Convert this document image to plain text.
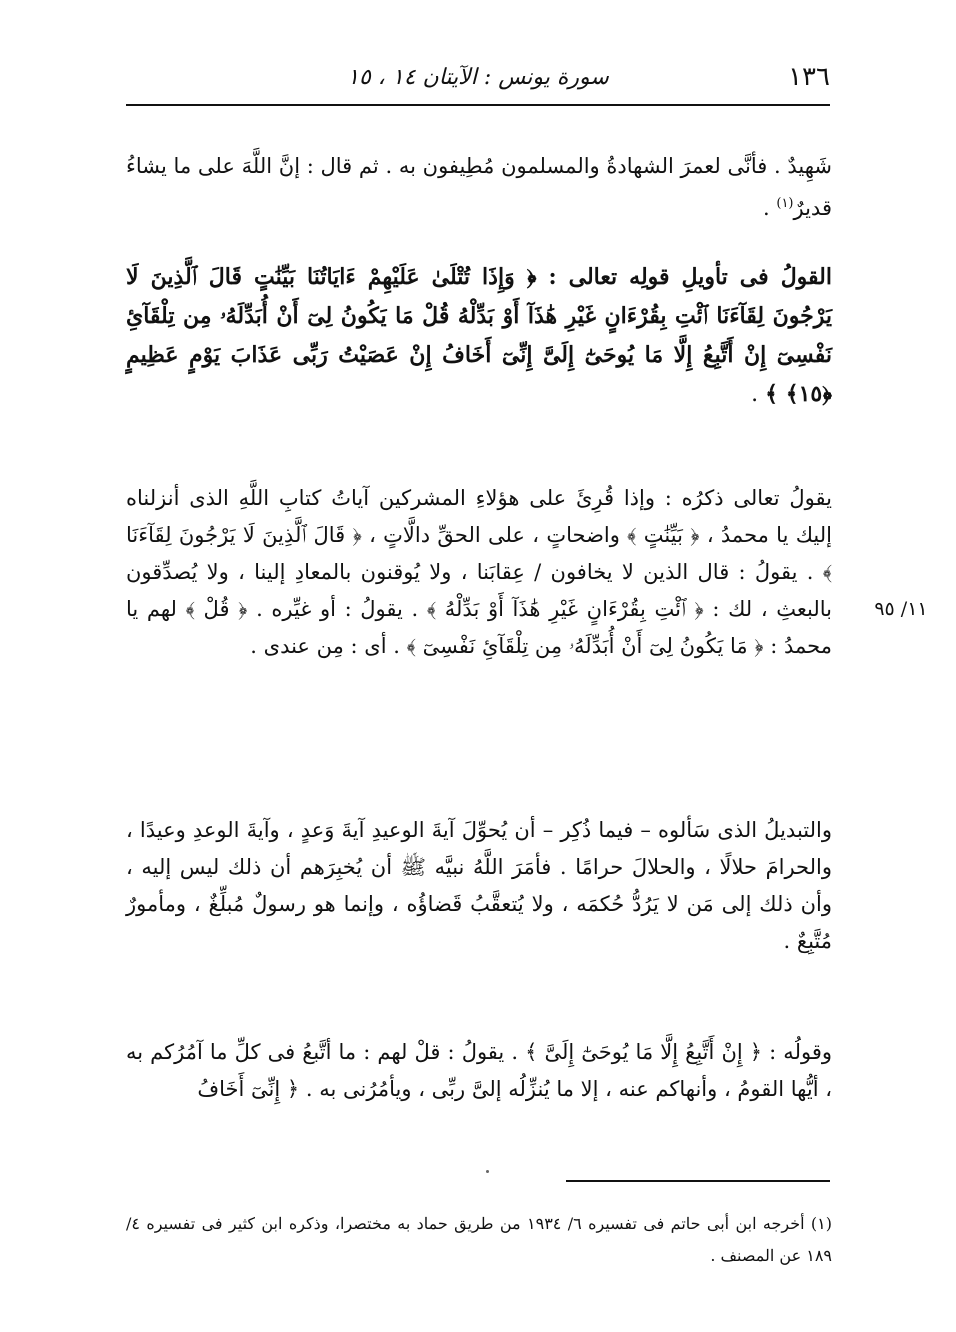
١٣٦
سورة يونس : الآيتان ١٤ ، ١٥

شَهِيدٌ . فأنَّى لعمرَ الشهادةُ والمسلمون مُطِيفون به . ثم قال : إنَّ اللَّهَ على ما يشاءُ قديرٌ$^{(١)}$ .

القولُ فى تأويلِ قولِه تعالى : ﴿ وَإِذَا تُتْلَىٰ عَلَيْهِمْ ءَايَاتُنَا بَيِّنَٰتٍ قَالَ ٱلَّذِينَ لَا يَرْجُونَ لِقَآءَنَا ٱئْتِ بِقُرْءَانٍ غَيْرِ هَٰذَآ أَوْ بَدِّلْهُ قُلْ مَا يَكُونُ لِىٓ أَنْ أُبَدِّلَهُۥ مِن تِلْقَآئِ نَفْسِىٓ إِنْ أَتَّبِعُ إِلَّا مَا يُوحَىٰٓ إِلَىَّ إِنِّىٓ أَخَافُ إِنْ عَصَيْتُ رَبِّى عَذَابَ يَوْمٍ عَظِيمٍ ﴿١٥﴾ ﴾ .

يقولُ تعالى ذكرُه : وإذا قُرِئَ على هؤلاءِ المشركين آياتُ كتابِ اللَّهِ الذى أنزلناه إليك يا محمدُ ، ﴿ بَيِّنَٰتٍ ﴾ واضحاتٍ ، على الحقِّ دالَّاتٍ ، ﴿ قَالَ ٱلَّذِينَ لَا يَرْجُونَ لِقَآءَنَا ﴾ . يقولُ : قال الذين لا يخافون / عِقابَنا ، ولا يُوقنون بالمعادِ إلينا ، ولا يُصدِّقون بالبعثِ ، لك : ﴿ ٱئْتِ بِقُرْءَانٍ غَيْرِ هَٰذَآ أَوْ بَدِّلْهُ ﴾ . يقولُ : أو غيِّره . ﴿ قُلْ ﴾ لهم يا محمدُ : ﴿ مَا يَكُونُ لِىٓ أَنْ أُبَدِّلَهُۥ مِن تِلْقَآئِ نَفْسِىٓ ﴾ . أى : مِن عندى .

١١/ ٩٥

والتبديلُ الذى سَألوه – فيما ذُكِر – أن يُحوِّلَ آيةَ الوعيدِ آيةَ وَعدٍ ، وآيةَ الوعدِ وعيدًا ، والحرامَ حلالًا ، والحلالَ حرامًا . فأمَرَ اللَّهُ نبيَّه ﷺ أن يُخبِرَهم أن ذلك ليس إليه ، وأن ذلك إلى مَن لا يَرُدُّ حُكمَه ، ولا يُتعقَّبُ قَضاؤُه ، وإنما هو رسولٌ مُبلِّغٌ ، ومأمورٌ مُتَّبِعٌ .

وقولُه : ﴿ إِنْ أَتَّبِعُ إِلَّا مَا يُوحَىٰٓ إِلَىَّ ﴾ . يقولُ : قلْ لهم : ما أتَّبعُ فى كلِّ ما آمُرُكم به ، أيُّها القومُ ، وأنهاكم عنه ، إلا ما يُنزِّلُه إلىَّ ربِّى ، ويأمُرُنى به . ﴿ إِنِّىٓ أَخَافُ

(١) أخرجه ابن أبى حاتم فى تفسيره ٦/ ١٩٣٤ من طريق حماد به مختصرا، وذكره ابن كثير فى تفسيره ٤/ ١٨٩ عن المصنف .
